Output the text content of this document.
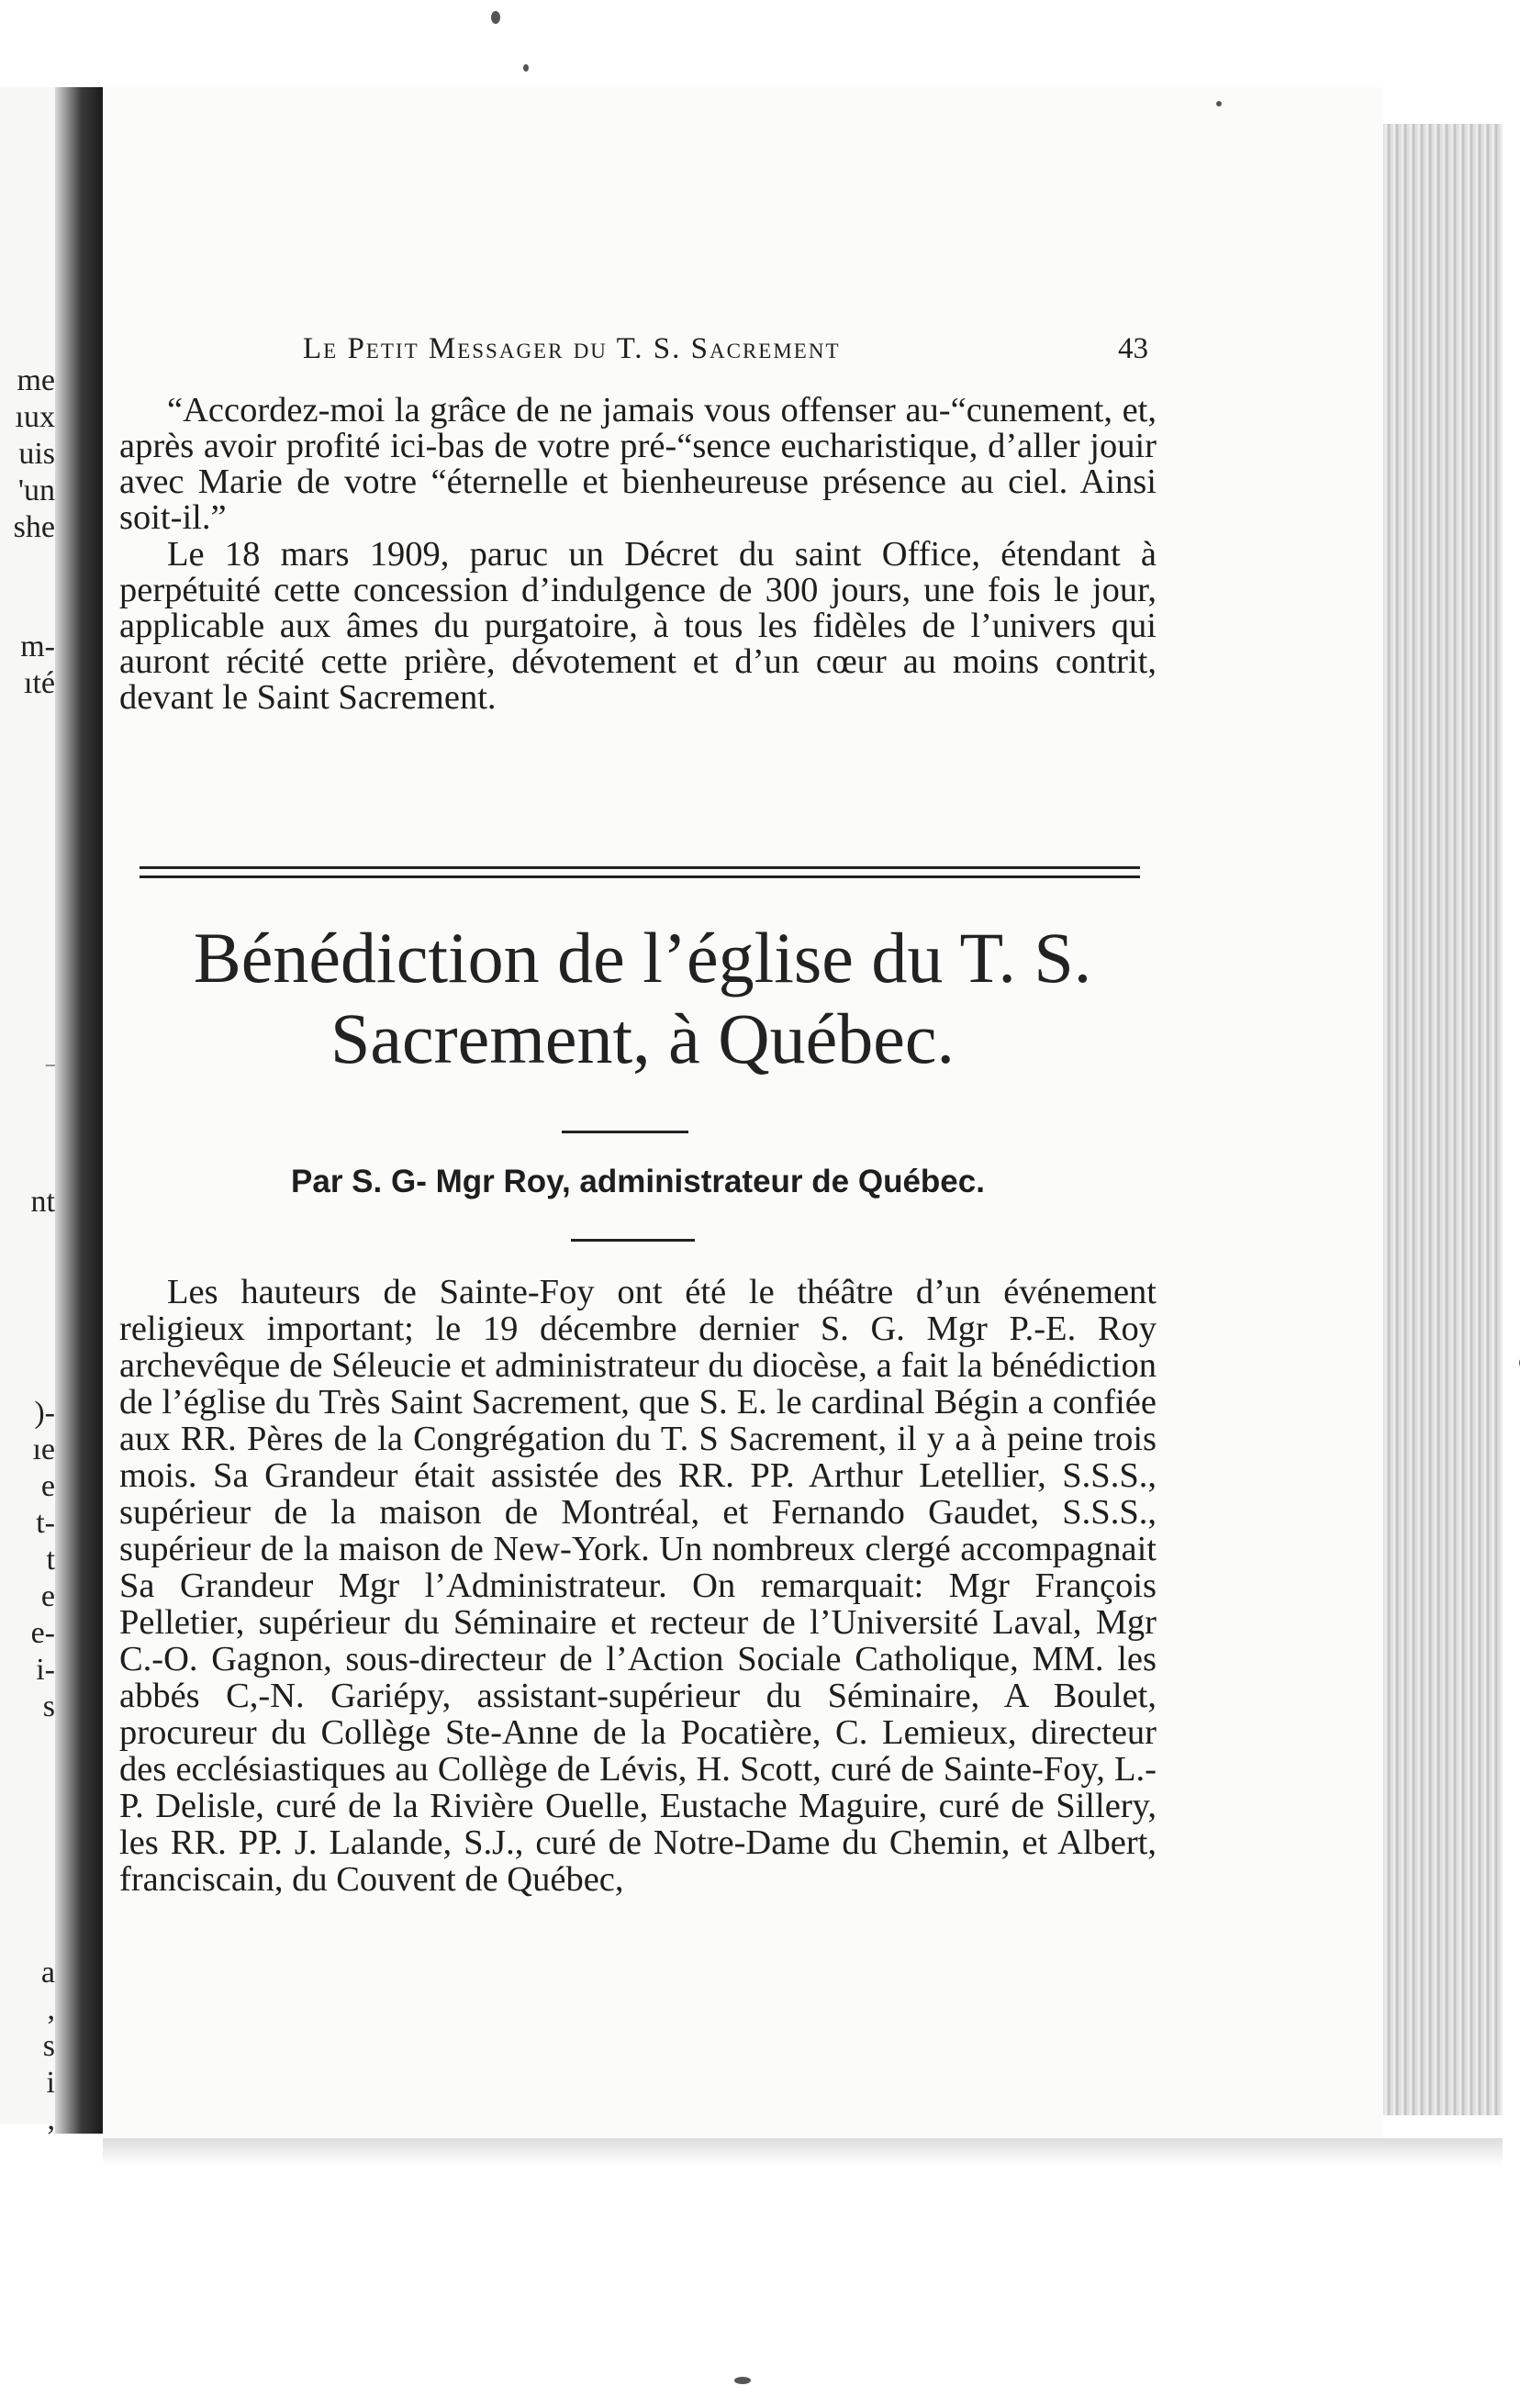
me
ıux
uis
'un
she
m-
ıté
¯
nt
)-
ıe
e
t-
t
e
e-
i-
s
a
,
s
i
,
Le Petit Messager du T. S. Sacrement	43

“Accordez-moi la grâce de ne jamais vous offenser au-“cunement, et, après avoir profité ici-bas de votre pré-“sence eucharistique, d’aller jouir avec Marie de votre “éternelle et bienheureuse présence au ciel. Ainsi soit-il.”

Le 18 mars 1909, paruc un Décret du saint Office, étendant à perpétuité cette concession d’indulgence de 300 jours, une fois le jour, applicable aux âmes du purgatoire, à tous les fidèles de l’univers qui auront récité cette prière, dévotement et d’un cœur au moins contrit, devant le Saint Sacrement.

Bénédiction de l’église du T. S.
Sacrement, à Québec.
Par S. G- Mgr Roy, administrateur de Québec.

Les hauteurs de Sainte-Foy ont été le théâtre d’un événement religieux important; le 19 décembre dernier S. G. Mgr P.-E. Roy archevêque de Séleucie et administrateur du diocèse, a fait la bénédiction de l’église du Très Saint Sacrement, que S. E. le cardinal Bégin a confiée aux RR. Pères de la Congrégation du T. S Sacrement, il y a à peine trois mois. Sa Grandeur était assistée des RR. PP. Arthur Letellier, S.S.S., supérieur de la maison de Montréal, et Fernando Gaudet, S.S.S., supérieur de la maison de New-York. Un nombreux clergé accompagnait Sa Grandeur Mgr l’Administrateur. On remarquait: Mgr François Pelletier, supérieur du Séminaire et recteur de l’Université Laval, Mgr C.-O. Gagnon, sous-directeur de l’Action Sociale Catholique, MM. les abbés C,-N. Gariépy, assistant-supérieur du Séminaire, A Boulet, procureur du Collège Ste-Anne de la Pocatière, C. Lemieux, directeur des ecclésiastiques au Collège de Lévis, H. Scott, curé de Sainte-Foy, L.-P. Delisle, curé de la Rivière Ouelle, Eustache Maguire, curé de Sillery, les RR. PP. J. Lalande, S.J., curé de Notre-Dame du Chemin, et Albert, franciscain, du Couvent de Québec,
